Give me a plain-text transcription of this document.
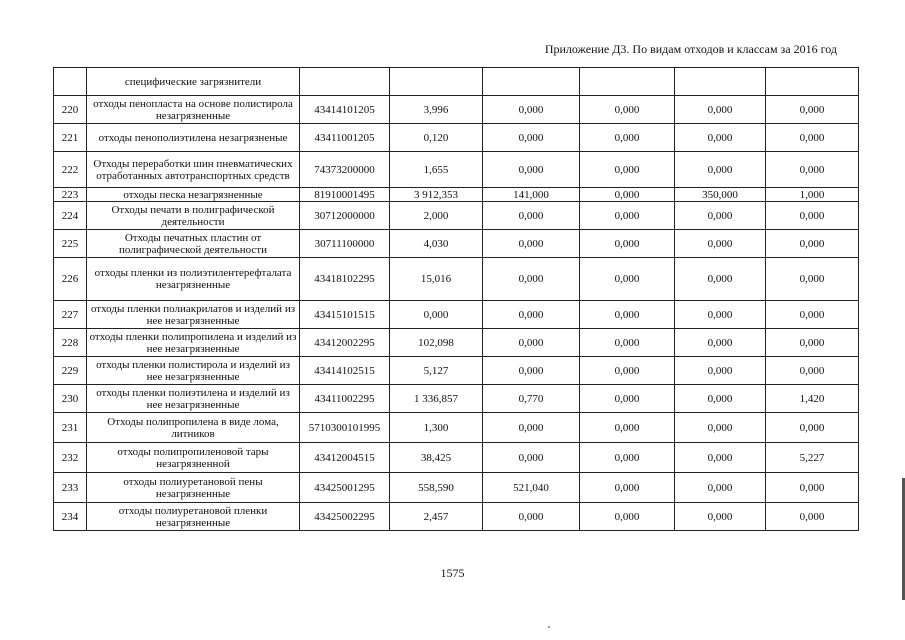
Приложение Д3. По видам отходов и классам за 2016 год
	специфические загрязнители						
220	отходы пенопласта на основе полистирола незагрязненные	43414101205	3,996	0,000	0,000	0,000	0,000
221	отходы пенополиэтилена незагрязненые	43411001205	0,120	0,000	0,000	0,000	0,000
222	Отходы переработки шин пневматических отработанных автотранспортных средств	74373200000	1,655	0,000	0,000	0,000	0,000
223	отходы песка незагрязненные	81910001495	3 912,353	141,000	0,000	350,000	1,000
224	Отходы печати в полиграфической деятельности	30712000000	2,000	0,000	0,000	0,000	0,000
225	Отходы печатных пластин от полиграфической деятельности	30711100000	4,030	0,000	0,000	0,000	0,000
226	отходы пленки из полиэтилентерефталата незагрязненные	43418102295	15,016	0,000	0,000	0,000	0,000
227	отходы пленки полиакрилатов и изделий из нее незагрязненные	43415101515	0,000	0,000	0,000	0,000	0,000
228	отходы пленки полипропилена и изделий из нее незагрязненные	43412002295	102,098	0,000	0,000	0,000	0,000
229	отходы пленки полистирола и изделий из нее незагрязненные	43414102515	5,127	0,000	0,000	0,000	0,000
230	отходы пленки полиэтилена и изделий из нее незагрязненные	43411002295	1 336,857	0,770	0,000	0,000	1,420
231	Отходы полипропилена в виде лома, литников	5710300101995	1,300	0,000	0,000	0,000	0,000
232	отходы полипропиленовой тары незагрязненной	43412004515	38,425	0,000	0,000	0,000	5,227
233	отходы полиуретановой пены незагрязненные	43425001295	558,590	521,040	0,000	0,000	0,000
234	отходы полиуретановой пленки незагрязненные	43425002295	2,457	0,000	0,000	0,000	0,000
1575
